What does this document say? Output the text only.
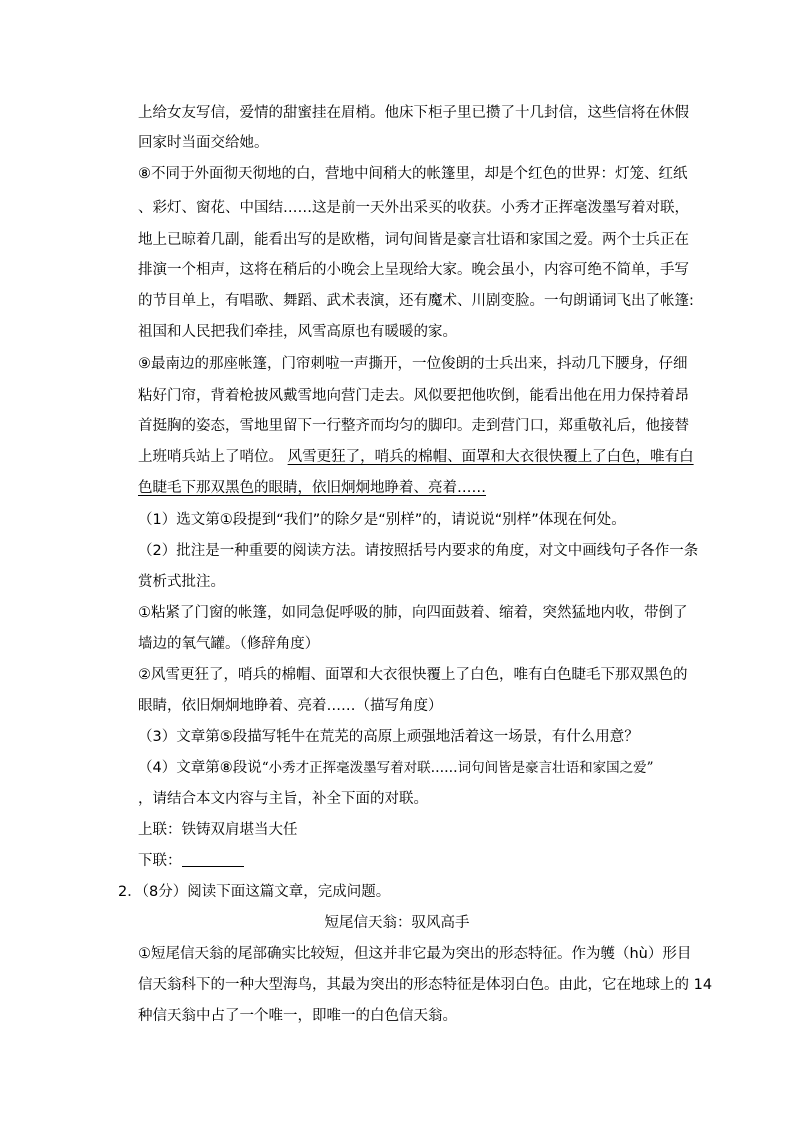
上给女友写信，爱情的甜蜜挂在眉梢。他床下柜子里已攒了十几封信，这些信将在休假
回家时当面交给她。
⑧不同于外面彻天彻地的白，营地中间稍大的帐篷里，却是个红色的世界：灯笼、红纸
、彩灯、窗花、中国结……这是前一天外出采买的收获。小秀才正挥毫泼墨写着对联，
地上已晾着几副，能看出写的是欧楷，词句间皆是豪言壮语和家国之爱。两个士兵正在
排演一个相声，这将在稍后的小晚会上呈现给大家。晚会虽小，内容可绝不简单，手写
的节目单上，有唱歌、舞蹈、武术表演，还有魔术、川剧变脸。一句朗诵词飞出了帐篷:
祖国和人民把我们牵挂，风雪高原也有暖暖的家。
⑨最南边的那座帐篷，门帘刺啦一声撕开，一位俊朗的士兵出来，抖动几下腰身，仔细
粘好门帘，背着枪披风戴雪地向营门走去。风似要把他吹倒，能看出他在用力保持着昂
首挺胸的姿态，雪地里留下一行整齐而均匀的脚印。走到营门口，郑重敬礼后，他接替
上班哨兵站上了哨位。 风雪更狂了，哨兵的棉帽、面罩和大衣很快覆上了白色，唯有白
色睫毛下那双黑色的眼睛，依旧炯炯地睁着、亮着……
（1）选文第①段提到“我们”的除夕是“别样”的，请说说“别样”体现在何处。
（2）批注是一种重要的阅读方法。请按照括号内要求的角度，对文中画线句子各作一条
赏析式批注。
①粘紧了门窗的帐篷，如同急促呼吸的肺，向四面鼓着、缩着，突然猛地内收，带倒了
墙边的氧气罐。（修辞角度）
②风雪更狂了，哨兵的棉帽、面罩和大衣很快覆上了白色，唯有白色睫毛下那双黑色的
眼睛，依旧炯炯地睁着、亮着……（描写角度）
（3）文章第⑤段描写牦牛在荒芜的高原上顽强地活着这一场景，有什么用意？
（4）文章第⑧段说“小秀才正挥毫泼墨写着对联……词句间皆是豪言壮语和家国之爱”
，请结合本文内容与主旨，补全下面的对联。
上联：铁铸双肩堪当大任
下联：
2．（8分）阅读下面这篇文章，完成问题。
短尾信天翁：驭风高手
①短尾信天翁的尾部确实比较短，但这并非它最为突出的形态特征。作为鹱（hù）形目
信天翁科下的一种大型海鸟，其最为突出的形态特征是体羽白色。由此，它在地球上的 14
种信天翁中占了一个唯一，即唯一的白色信天翁。
